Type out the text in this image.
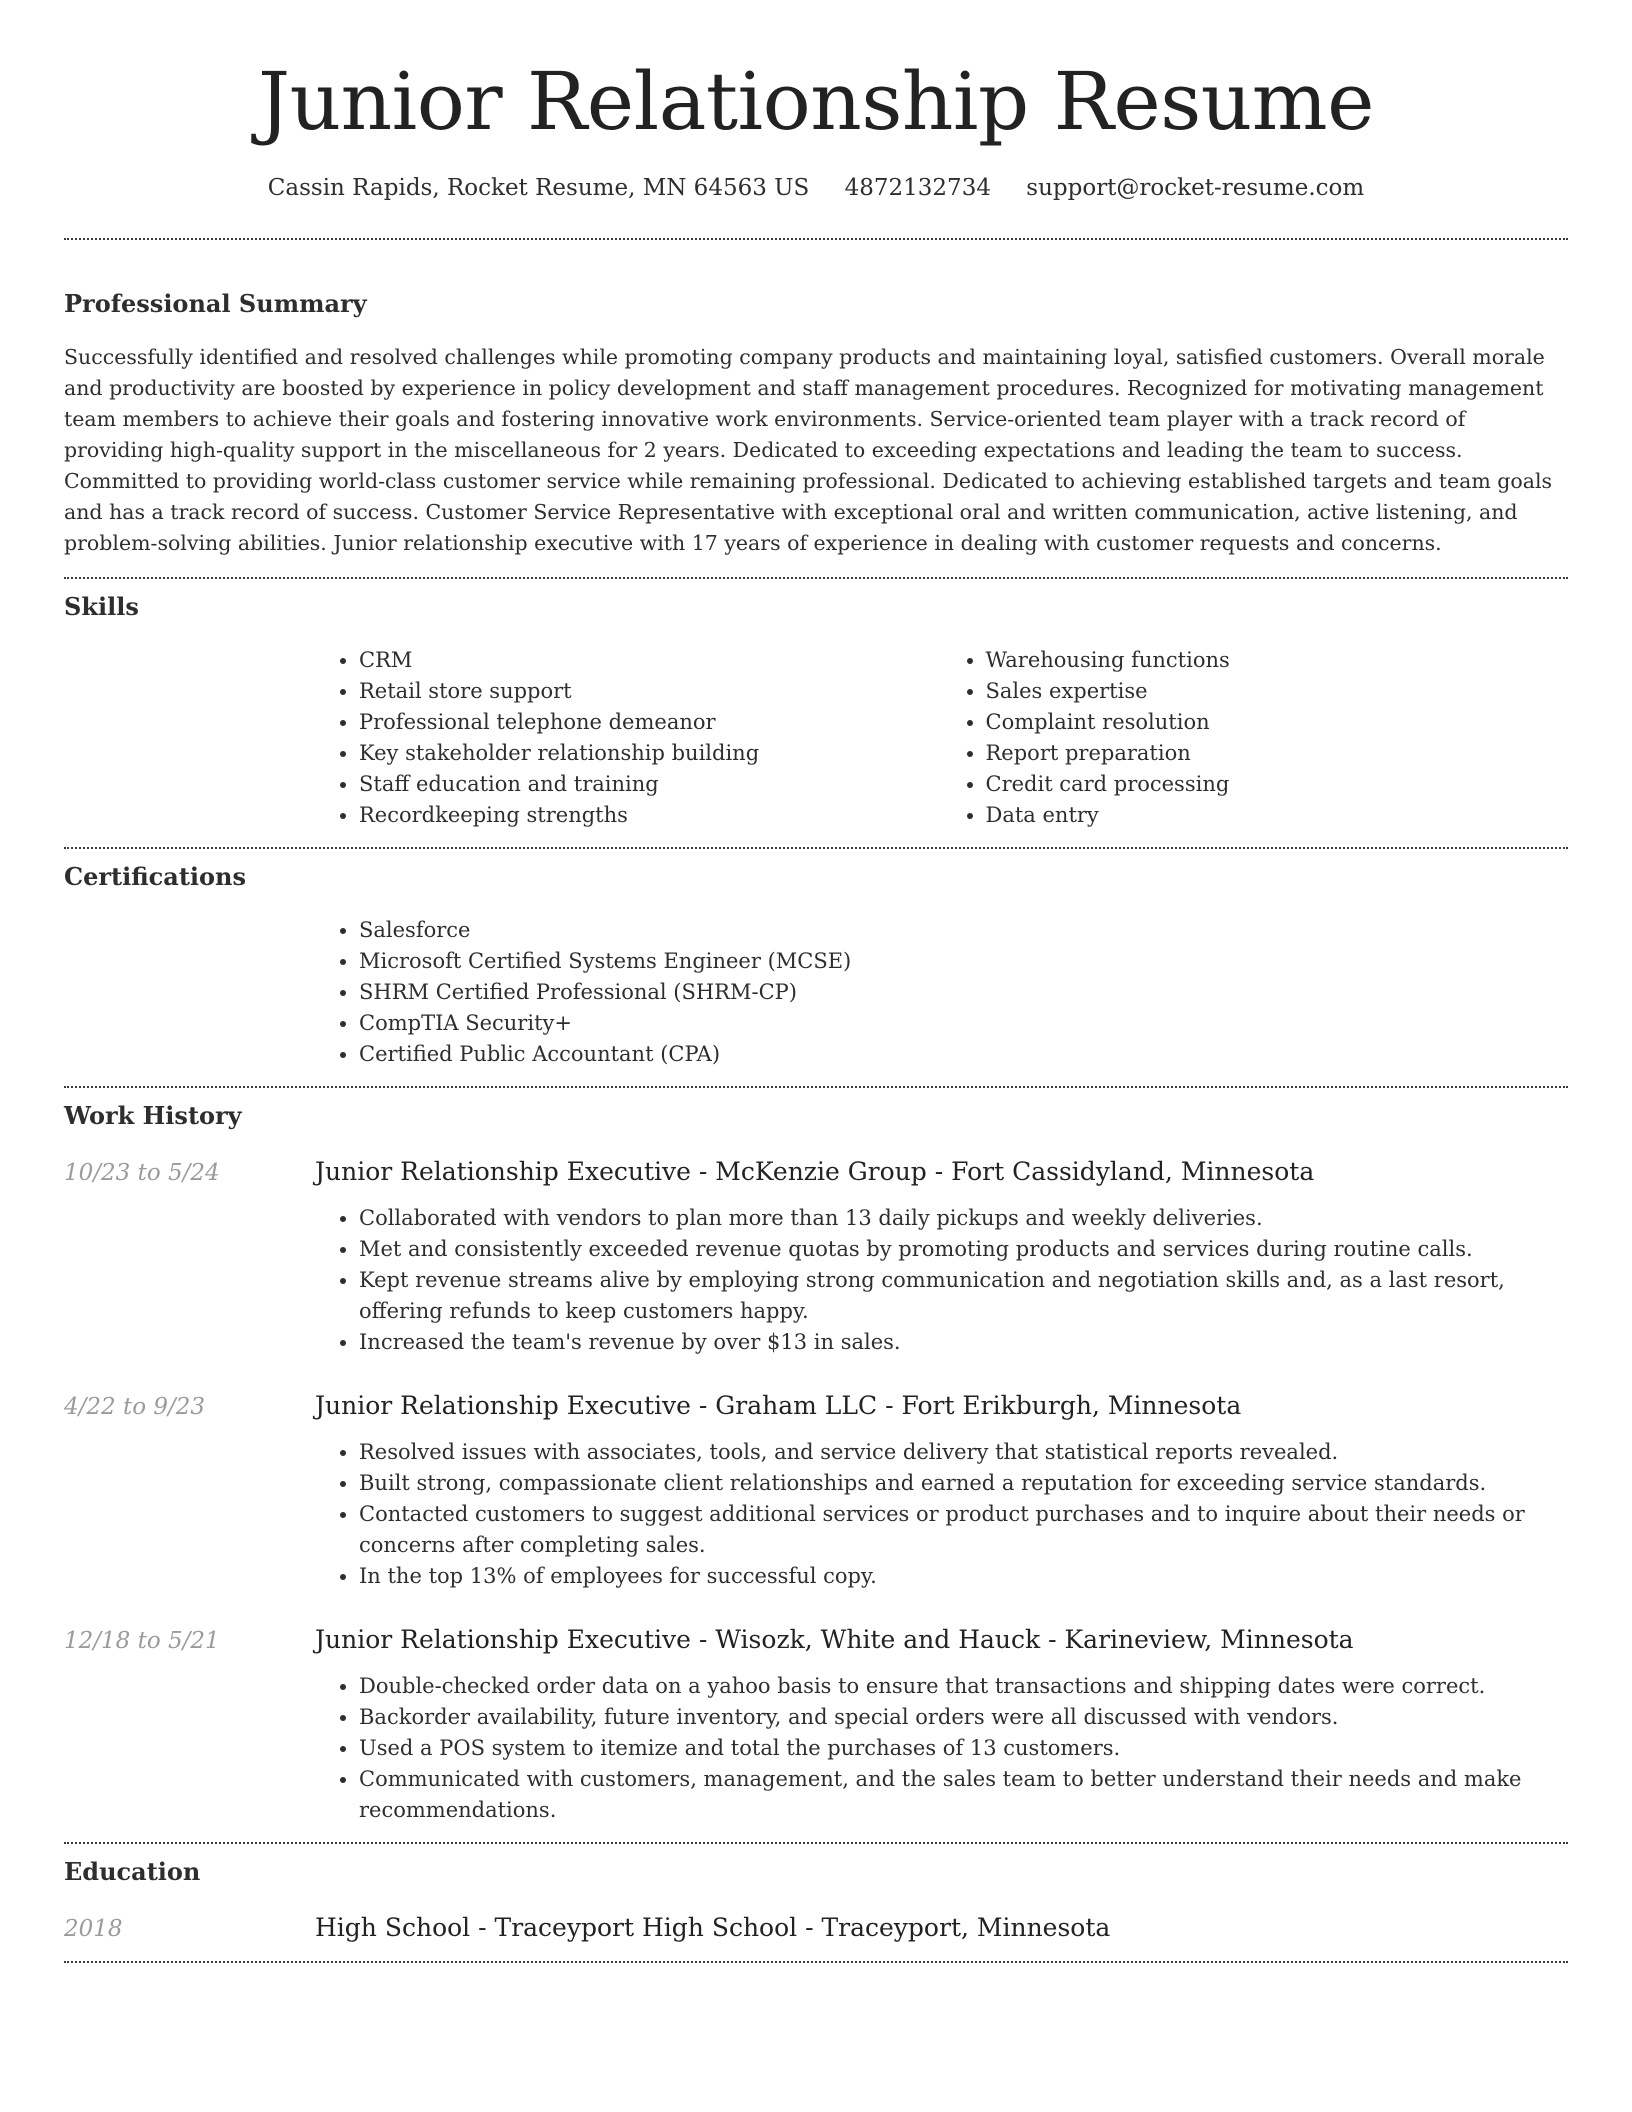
Junior Relationship Resume
Cassin Rapids, Rocket Resume, MN 64563 US 4872132734 support@rocket-resume.com
Professional Summary

Successfully identified and resolved challenges while promoting company products and maintaining loyal, satisfied customers. Overall morale and productivity are boosted by experience in policy development and staff management procedures. Recognized for motivating management team members to achieve their goals and fostering innovative work environments. Service-oriented team player with a track record of providing high-quality support in the miscellaneous for 2 years. Dedicated to exceeding expectations and leading the team to success. Committed to providing world-class customer service while remaining professional. Dedicated to achieving established targets and team goals and has a track record of success. Customer Service Representative with exceptional oral and written communication, active listening, and problem-solving abilities. Junior relationship executive with 17 years of experience in dealing with customer requests and concerns.

Skills
• CRM
• Retail store support
• Professional telephone demeanor
• Key stakeholder relationship building
• Staff education and training
• Recordkeeping strengths
• Warehousing functions
• Sales expertise
• Complaint resolution
• Report preparation
• Credit card processing
• Data entry
Certifications
• Salesforce
• Microsoft Certified Systems Engineer (MCSE)
• SHRM Certified Professional (SHRM-CP)
• CompTIA Security+
• Certified Public Accountant (CPA)
Work History
10/23 to 5/24	Junior Relationship Executive - McKenzie Group - Fort Cassidyland, Minnesota
• Collaborated with vendors to plan more than 13 daily pickups and weekly deliveries.
• Met and consistently exceeded revenue quotas by promoting products and services during routine calls.
• Kept revenue streams alive by employing strong communication and negotiation skills and, as a last resort, offering refunds to keep customers happy.
• Increased the team's revenue by over $13 in sales.
4/22 to 9/23	Junior Relationship Executive - Graham LLC - Fort Erikburgh, Minnesota
• Resolved issues with associates, tools, and service delivery that statistical reports revealed.
• Built strong, compassionate client relationships and earned a reputation for exceeding service standards.
• Contacted customers to suggest additional services or product purchases and to inquire about their needs or concerns after completing sales.
• In the top 13% of employees for successful copy.
12/18 to 5/21	Junior Relationship Executive - Wisozk, White and Hauck - Karineview, Minnesota
• Double-checked order data on a yahoo basis to ensure that transactions and shipping dates were correct.
• Backorder availability, future inventory, and special orders were all discussed with vendors.
• Used a POS system to itemize and total the purchases of 13 customers.
• Communicated with customers, management, and the sales team to better understand their needs and make recommendations.
Education
2018	High School - Traceyport High School - Traceyport, Minnesota
